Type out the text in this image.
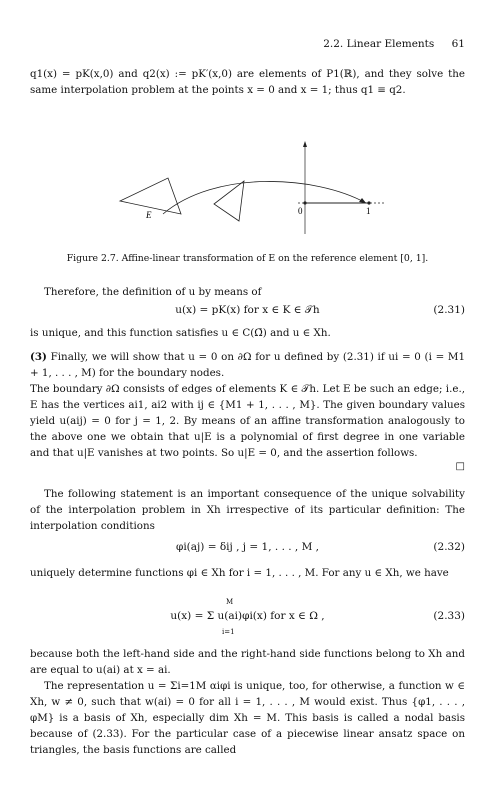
2.2. Linear Elements 61
q1(x) = pK(x,0) and q2(x) := pK′(x,0) are elements of P1(ℝ), and they solve the same interpolation problem at the points x = 0 and x = 1; thus q1 ≡ q2.
E	0	1
Figure 2.7. Affine-linear transformation of E on the reference element [0, 1].
Therefore, the definition of u by means of
u(x) = pK(x) for x ∈ K ∈ 𝒯h	(2.31)
is unique, and this function satisfies u ∈ C(Ω̄) and u ∈ Xh.
(3) Finally, we will show that u = 0 on ∂Ω for u defined by (2.31) if ui = 0 (i = M1 + 1, . . . , M) for the boundary nodes.
The boundary ∂Ω consists of edges of elements K ∈ 𝒯h. Let E be such an edge; i.e., E has the vertices ai1, ai2 with ij ∈ {M1 + 1, . . . , M}. The given boundary values yield u(aij) = 0 for j = 1, 2. By means of an affine transformation analogously to the above one we obtain that u|E is a polynomial of first degree in one variable and that u|E vanishes at two points. So u|E = 0, and the assertion follows.
□
The following statement is an important consequence of the unique solvability of the interpolation problem in Xh irrespective of its particular definition: The interpolation conditions
φi(aj) = δij , j = 1, . . . , M ,	(2.32)
uniquely determine functions φi ∈ Xh for i = 1, . . . , M. For any u ∈ Xh, we have
M
u(x) = Σ u(ai)φi(x) for x ∈ Ω ,
i=1
(2.33)
because both the left-hand side and the right-hand side functions belong to Xh and are equal to u(ai) at x = ai.
The representation u = Σi=1M αiφi is unique, too, for otherwise, a function w ∈ Xh, w ≠ 0, such that w(ai) = 0 for all i = 1, . . . , M would exist. Thus {φ1, . . . , φM} is a basis of Xh, especially dim Xh = M. This basis is called a nodal basis because of (2.33). For the particular case of a piecewise linear ansatz space on triangles, the basis functions are called
